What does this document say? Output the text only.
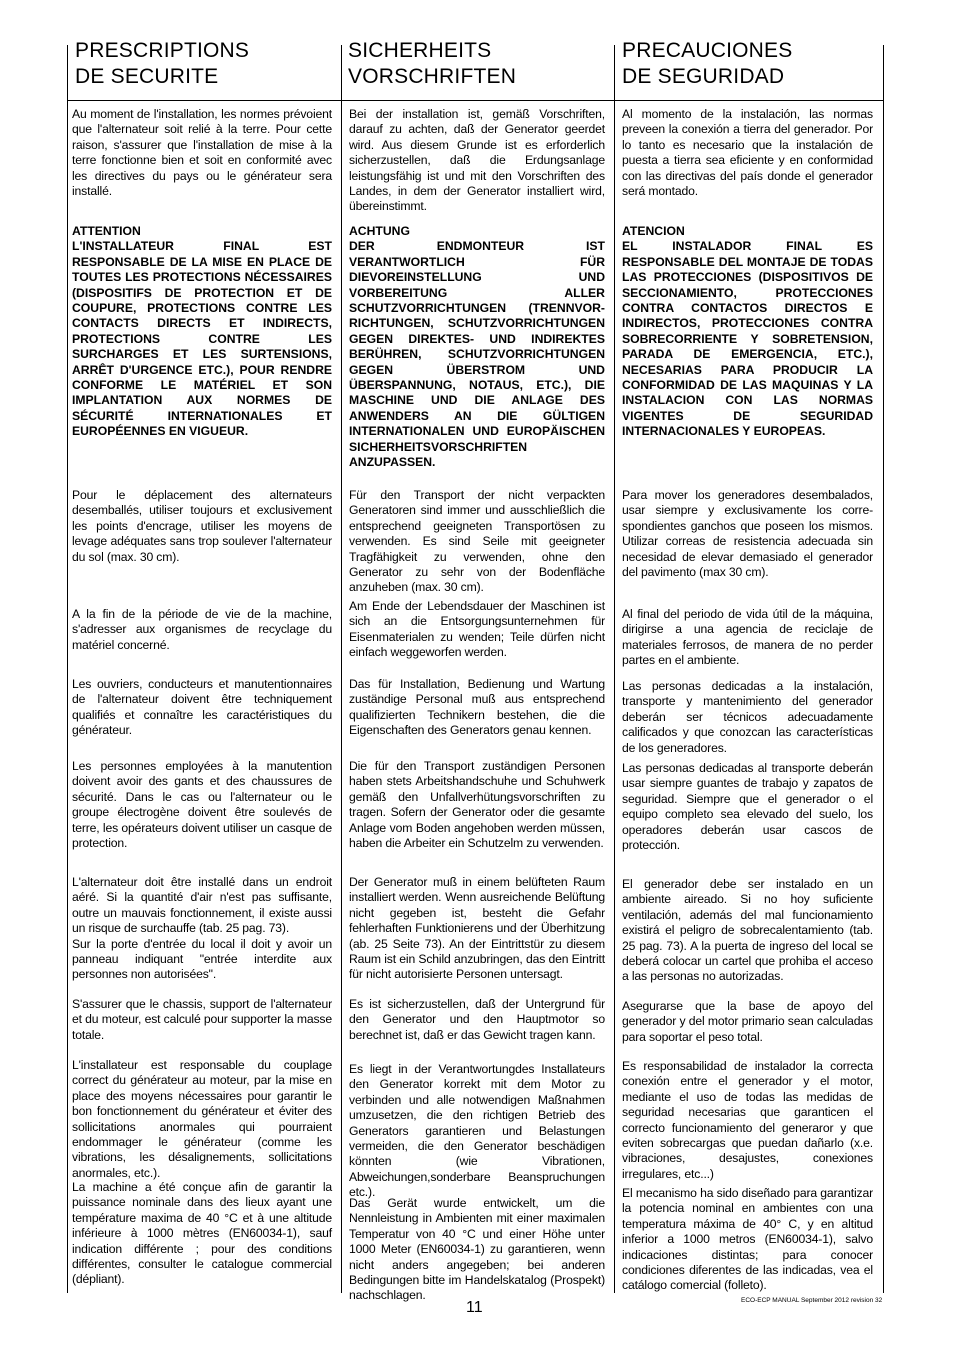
PRESCRIPTIONS
DE SECURITE
SICHERHEITS
VORSCHRIFTEN
PRECAUCIONES
DE SEGURIDAD
Au moment de l'installation, les normes prévoient que l'alternateur soit relié à la terre. Pour cette raison, s'assurer que l'installation de mise à la terre fonctionne bien et soit en conformité avec les directives du pays ou le générateur sera installé.
ATTENTION
L'INSTALLATEUR FINAL EST RESPONSABLE DE LA MISE EN PLACE DE TOUTES LES PROTECTIONS NÉCESSAIRES (DISPOSITIFS DE PROTECTION ET DE COUPURE, PROTECTIONS CONTRE LES CONTACTS DIRECTS ET INDIRECTS, PROTECTIONS CONTRE LES SURCHARGES ET LES SURTENSIONS, ARRÊT D'URGENCE ETC.), POUR RENDRE CONFORME LE MATÉRIEL ET SON IMPLANTATION AUX NORMES DE SÉCURITÉ INTERNATIONALES ET EUROPÉENNES EN VIGUEUR.
Pour le déplacement des alternateurs desemballés, utiliser toujours et exclusivement les points d'encrage, utiliser les moyens de levage adéquates sans trop soulever l'alternateur du sol (max. 30 cm).
A la fin de la période de vie de la machine, s'adresser aux organismes de recyclage du matériel concerné.
Les ouvriers, conducteurs et manutentionnaires de l'alternateur doivent être techniquement qualifiés et connaître les caractéristiques du générateur.
Les personnes employées à la manutention doivent avoir des gants et des chaussures de sécurité. Dans le cas ou l'alternateur ou le groupe électrogène doivent être soulevés de terre, les opérateurs doivent utiliser un casque de protection.
L'alternateur doit être installé dans un endroit aéré. Si la quantité d'air n'est pas suffisante, outre un mauvais fonctionnement, il existe aussi un risque de surchauffe (tab. 25 pag. 73).
Sur la porte d'entrée du local il doit y avoir un panneau indiquant "entrée interdite aux personnes non autorisées".
S'assurer que le chassis, support de l'alternateur et du moteur, est calculé pour supporter la masse totale.
L'installateur est responsable du couplage correct du générateur au moteur, par la mise en place des moyens nécessaires pour garantir le bon fonctionnement du générateur et éviter des sollicitations anormales qui pourraient endommager le générateur (comme les vibrations, les désalignements, sollicitations anormales, etc.).
La machine a été conçue afin de garantir la puissance nominale dans des lieux ayant une température maxima de 40 °C et à une altitude inférieure à 1000 mètres (EN60034-1), sauf indication différente ; pour des conditions différentes, consulter le catalogue commercial (dépliant).
Bei der installation ist, gemäß Vorschriften, darauf zu achten, daß der Generator geerdet wird. Aus diesem Grunde ist es erforderlich sicherzustellen, daß die Erdungsanlage leistungsfähig ist und mit den Vorschriften des Landes, in dem der Generator installiert wird, übereinstimmt.
ACHTUNG
DER ENDMONTEUR IST VERANTWORTLICH FÜR DIEVOREINSTELLUNG UND VORBEREITUNG ALLER SCHUTZVORRICHTUNGEN (TRENNVOR-RICHTUNGEN, SCHUTZVORRICHTUNGEN GEGEN DIREKTES- UND INDIREKTES BERÜHREN, SCHUTZVORRICHTUNGEN GEGEN ÜBERSTROM UND ÜBERSPANNUNG, NOTAUS, ETC.), DIE MASCHINE UND DIE ANLAGE DES ANWENDERS AN DIE GÜLTIGEN INTERNATIONALEN UND EUROPÄISCHEN SICHERHEITSVORSCHRIFTEN ANZUPASSEN.
Für den Transport der nicht verpackten Generatoren sind immer und ausschließlich die entsprechend geeigneten Transportösen zu verwenden. Es sind Seile mit geeigneter Tragfähigkeit zu verwenden, ohne den Generator zu sehr von der Bodenfläche anzuheben (max. 30 cm).
Am Ende der Lebendsdauer der Maschinen ist sich an die Entsorgungsunternehmen für Eisenmaterialen zu wenden; Teile dürfen nicht einfach weggeworfen werden.
Das für Installation, Bedienung und Wartung zuständige Personal muß aus entsprechend qualifizierten Technikern bestehen, die die Eigenschaften des Generators genau kennen.
Die für den Transport zuständigen Personen haben stets Arbeitshandschuhe und Schuhwerk gemäß den Unfallverhütungsvorschriften zu tragen. Sofern der Generator oder die gesamte Anlage vom Boden angehoben werden müssen, haben die Arbeiter ein Schutzelm zu verwenden.
Der Generator muß in einem belüfteten Raum installiert werden. Wenn ausreichende Belüftung nicht gegeben ist, besteht die Gefahr fehlerhaften Funktionierens und der Überhitzung (ab. 25 Seite 73). An der Eintrittstür zu diesem Raum ist ein Schild anzubringen, das den Eintritt für nicht autorisierte Personen untersagt.
Es ist sicherzustellen, daß der Untergrund für den Generator und den Hauptmotor so berechnet ist, daß er das Gewicht tragen kann.
Es liegt in der Verantwortungdes Installateurs den Generator korrekt mit dem Motor zu verbinden und alle notwendigen Maßnahmen umzusetzen, die den richtigen Betrieb des Generators garantieren und Belastungen vermeiden, die den Generator beschädigen könnten (wie Vibrationen, Abweichungen,sonderbare Beanspruchungen etc.).
Das Gerät wurde entwickelt, um die Nennleistung in Ambienten mit einer maximalen Temperatur von 40 °C und einer Höhe unter 1000 Meter (EN60034-1) zu garantieren, wenn nicht anders angegeben; bei anderen Bedingungen bitte im Handelskatalog (Prospekt) nachschlagen.
Al momento de la instalación, las normas preveen la conexión a tierra del generador. Por lo tanto es necesario que la instalación de puesta a tierra sea eficiente y en conformidad con las directivas del país donde el generador será montado.
ATENCION
EL INSTALADOR FINAL ES RESPONSABLE DEL MONTAJE DE TODAS LAS PROTECCIONES (DISPOSITIVOS DE SECCIONAMIENTO, PROTECCIONES CONTRA CONTACTOS DIRECTOS E INDIRECTOS, PROTECCIONES CONTRA SOBRECORRIENTE Y SOBRETENSION, PARADA DE EMERGENCIA, ETC.), NECESARIAS PARA PRODUCIR LA CONFORMIDAD DE LAS MAQUINAS Y LA INSTALACION CON LAS NORMAS VIGENTES DE SEGURIDAD INTERNACIONALES Y EUROPEAS.
Para mover los generadores desembalados, usar siempre y exclusivamente los corre-spondientes ganchos que poseen los mismos. Utilizar correas de resistencia adecuada sin necesidad de elevar demasiado el generador del pavimento (max 30 cm).
Al final del periodo de vida útil de la máquina, dirigirse a una agencia de reciclaje de materiales ferrosos, de manera de no perder partes en el ambiente.
Las personas dedicadas a la instalación, transporte y mantenimiento del generador deberán ser técnicos adecuadamente calificados y que conozcan las características de los generadores.
Las personas dedicadas al transporte deberán usar siempre guantes de trabajo y zapatos de seguridad. Siempre que el generador o el equipo completo sea elevado del suelo, los operadores deberán usar cascos de protección.
El generador debe ser instalado en un ambiente aireado. Si no hoy suficiente ventilación, además del mal funcionamiento existirá el peligro de sobrecalentamiento (tab. 25 pag. 73). A la puerta de ingreso del local se deberá colocar un cartel que prohiba el acceso a las personas no autorizadas.
Asegurarse que la base de apoyo del generador y del motor primario sean calculadas para soportar el peso total.
Es responsabilidad de instalador la correcta conexión entre el generador y el motor, mediante el uso de todas las medidas de seguridad necesarias que garanticen el correcto funcionamiento del generaror y que eviten sobrecargas que puedan dañarlo (x.e. vibraciones, desajustes, conexiones irregulares, etc...)
El mecanismo ha sido diseñado para garantizar la potencia nominal en ambientes con una temperatura máxima de 40° C, y en altitud inferior a 1000 metros (EN60034-1), salvo indicaciones distintas; para conocer condiciones diferentes de las indicadas, vea el catálogo comercial (folleto).
11	ECO-ECP MANUAL September 2012 revision 32
